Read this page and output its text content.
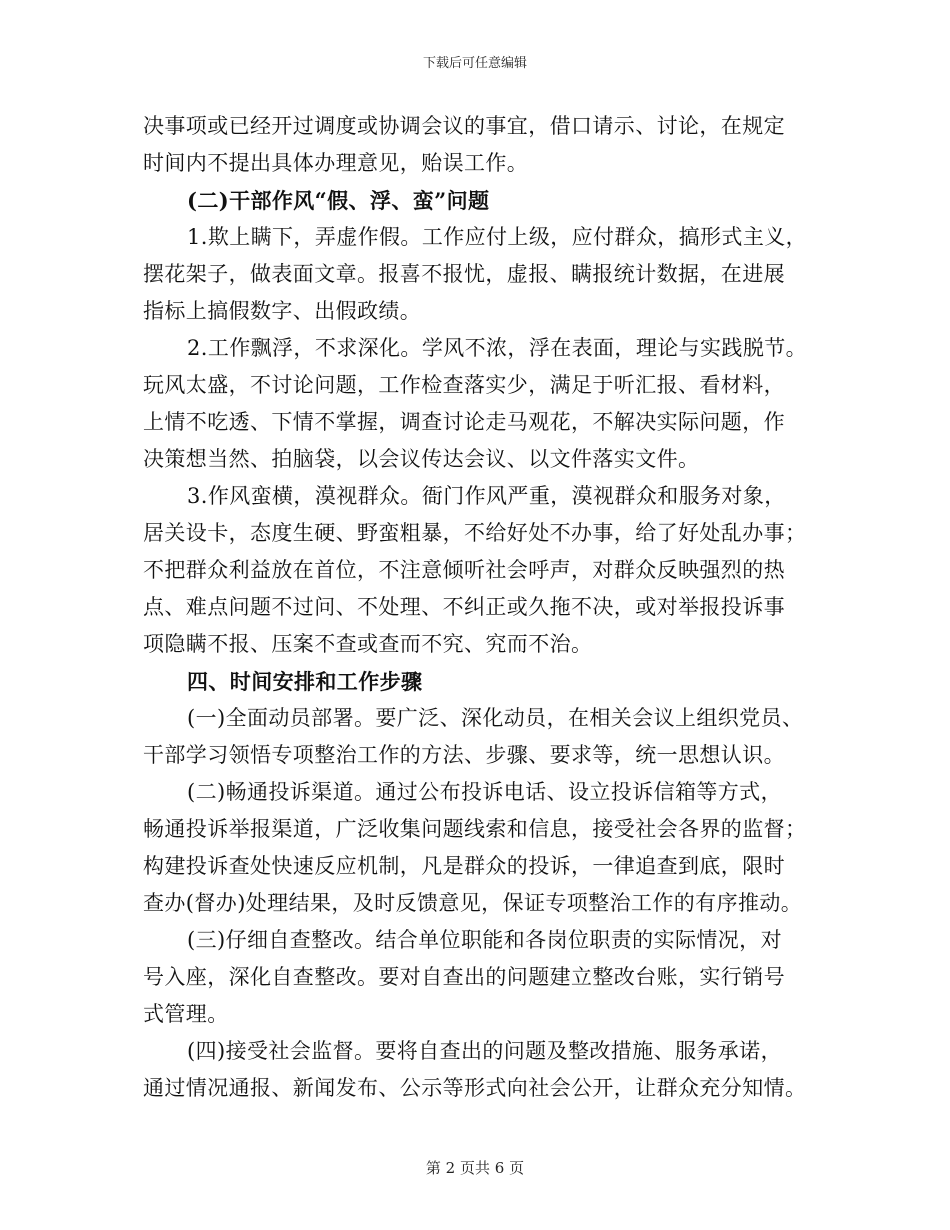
下载后可任意编辑
决事项或已经开过调度或协调会议的事宜，借口请示、讨论，在规定
时间内不提出具体办理意见，贻误工作。
(二)干部作风“假、浮、蛮”问题
1.欺上瞒下，弄虚作假。工作应付上级，应付群众，搞形式主义，
摆花架子，做表面文章。报喜不报忧，虚报、瞒报统计数据，在进展
指标上搞假数字、出假政绩。
2.工作飘浮，不求深化。学风不浓，浮在表面，理论与实践脱节。
玩风太盛，不讨论问题，工作检查落实少，满足于听汇报、看材料，
上情不吃透、下情不掌握，调查讨论走马观花，不解决实际问题，作
决策想当然、拍脑袋，以会议传达会议、以文件落实文件。
3.作风蛮横，漠视群众。衙门作风严重，漠视群众和服务对象，
居关设卡，态度生硬、野蛮粗暴，不给好处不办事，给了好处乱办事；
不把群众利益放在首位，不注意倾听社会呼声，对群众反映强烈的热
点、难点问题不过问、不处理、不纠正或久拖不决，或对举报投诉事
项隐瞒不报、压案不查或查而不究、究而不治。
四、时间安排和工作步骤
(一)全面动员部署。要广泛、深化动员，在相关会议上组织党员、
干部学习领悟专项整治工作的方法、步骤、要求等，统一思想认识。
(二)畅通投诉渠道。通过公布投诉电话、设立投诉信箱等方式，
畅通投诉举报渠道，广泛收集问题线索和信息，接受社会各界的监督；
构建投诉查处快速反应机制，凡是群众的投诉，一律追查到底，限时
查办(督办)处理结果，及时反馈意见，保证专项整治工作的有序推动。
(三)仔细自查整改。结合单位职能和各岗位职责的实际情况，对
号入座，深化自查整改。要对自查出的问题建立整改台账，实行销号
式管理。
(四)接受社会监督。要将自查出的问题及整改措施、服务承诺，
通过情况通报、新闻发布、公示等形式向社会公开，让群众充分知情。
第 2 页共 6 页
